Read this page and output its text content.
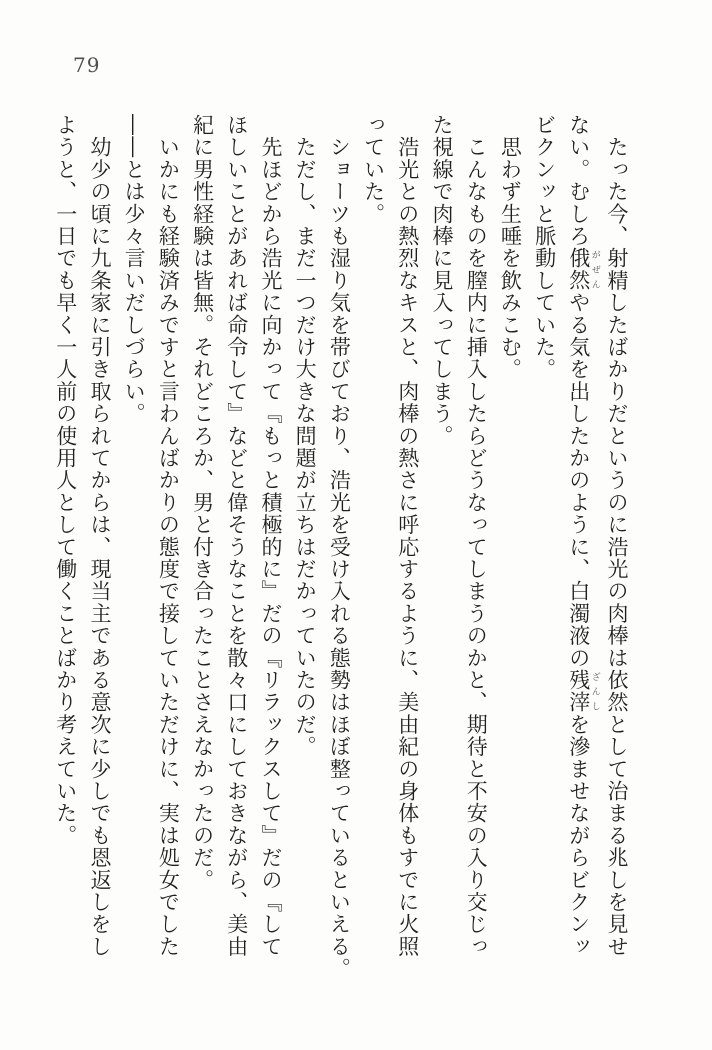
79
　たった今、射精したばかりだというのに浩光の肉棒は依然として治まる兆しを見せ
ない。むしろ俄然 がぜんやる気を出したかのように、白濁液の残滓 ざんしを滲ませながらビクンッ
ビクンッと脈動していた。
　思わず生唾を飲みこむ。
　こんなものを膣内に挿入したらどうなってしまうのかと、期待と不安の入り交じっ
た視線で肉棒に見入ってしまう。
　浩光との熱烈なキスと、肉棒の熱さに呼応するように、美由紀の身体もすでに火照
っていた。
　ショーツも湿り気を帯びており、浩光を受け入れる態勢はほぼ整っているといえる。
　ただし、まだ一つだけ大きな問題が立ちはだかっていたのだ。
　先ほどから浩光に向かって『もっと積極的に』だの『リラックスして』だの『して
ほしいことがあれば命令して』などと偉そうなことを散々口にしておきながら、美由
紀に男性経験は皆無。それどころか、男と付き合ったことさえなかったのだ。
　いかにも経験済みですと言わんばかりの態度で接していただけに、実は処女でした
――とは少々言いだしづらい。
　幼少の頃に九条家に引き取られてからは、現当主である意次に少しでも恩返しをし
ようと、一日でも早く一人前の使用人として働くことばかり考えていた。
